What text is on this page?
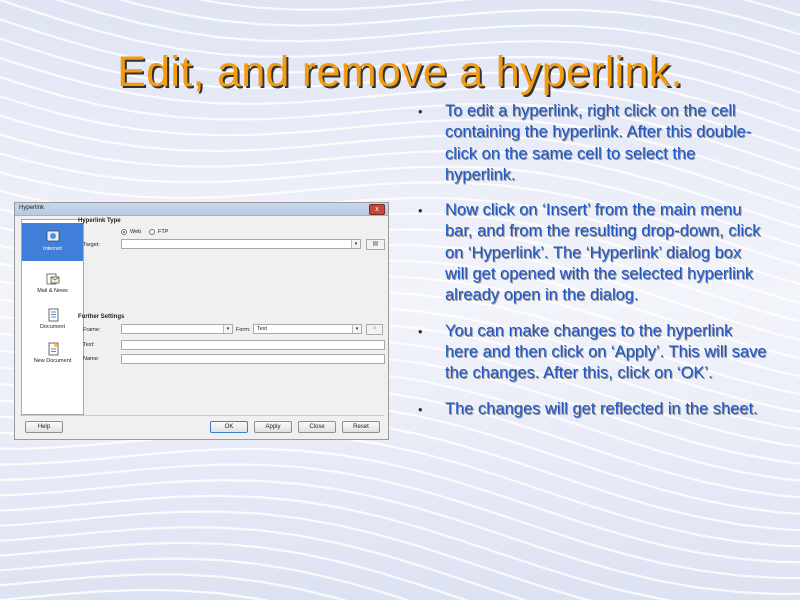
Edit, and remove a hyperlink.
• To edit a hyperlink, right click on the cell containing the hyperlink. After this double-click on the same cell to select the hyperlink.
• Now click on ‘Insert’ from the main menu bar, and from the resulting drop-down, click on ‘Hyperlink’. The ‘Hyperlink’ dialog box will get opened with the selected hyperlink already open in the dialog.
• You can make changes to the hyperlink here and then click on ‘Apply’. This will save the changes. After this, click on ‘OK’.
• The changes will get reflected in the sheet.
Hyperlink	x
Internet
Mail & News
Document
New Document
Hyperlink Type
Web	FTP
Target:	▾	▤
Further Settings
Frame:	▾	Form:	Text	▾	×
Text:
Name:
Help	OK	Apply	Close	Reset
